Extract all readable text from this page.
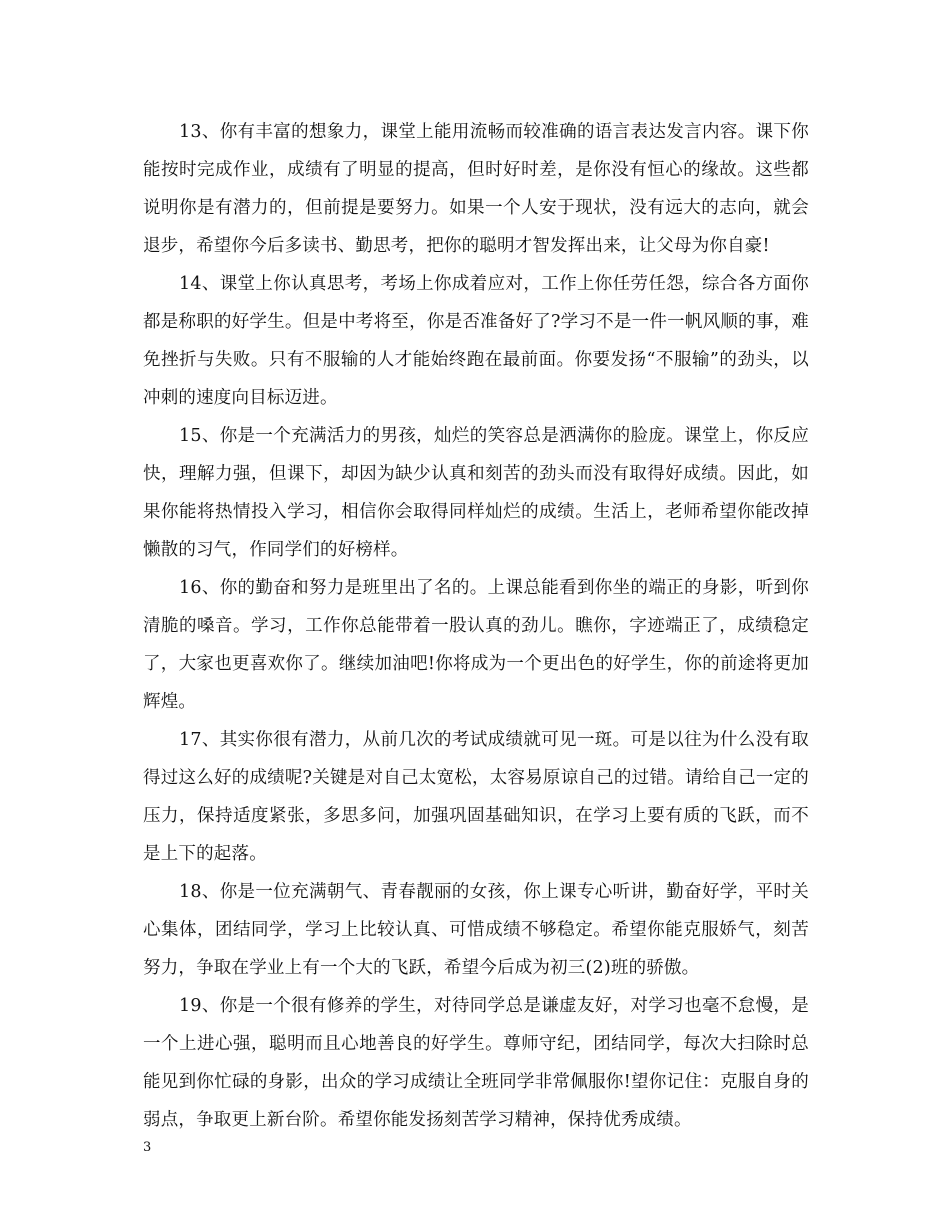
13、你有丰富的想象力，课堂上能用流畅而较准确的语言表达发言内容。课下你能按时完成作业，成绩有了明显的提高，但时好时差，是你没有恒心的缘故。这些都说明你是有潜力的，但前提是要努力。如果一个人安于现状，没有远大的志向，就会退步，希望你今后多读书、勤思考，把你的聪明才智发挥出来，让父母为你自豪!

14、课堂上你认真思考，考场上你成着应对，工作上你任劳任怨，综合各方面你都是称职的好学生。但是中考将至，你是否准备好了?学习不是一件一帆风顺的事，难免挫折与失败。只有不服输的人才能始终跑在最前面。你要发扬“不服输”的劲头，以冲刺的速度向目标迈进。

15、你是一个充满活力的男孩，灿烂的笑容总是洒满你的脸庞。课堂上，你反应快，理解力强，但课下，却因为缺少认真和刻苦的劲头而没有取得好成绩。因此，如果你能将热情投入学习，相信你会取得同样灿烂的成绩。生活上，老师希望你能改掉懒散的习气，作同学们的好榜样。

16、你的勤奋和努力是班里出了名的。上课总能看到你坐的端正的身影，听到你清脆的嗓音。学习，工作你总能带着一股认真的劲儿。瞧你，字迹端正了，成绩稳定了，大家也更喜欢你了。继续加油吧!你将成为一个更出色的好学生，你的前途将更加辉煌。

17、其实你很有潜力，从前几次的考试成绩就可见一斑。可是以往为什么没有取得过这么好的成绩呢?关键是对自己太宽松，太容易原谅自己的过错。请给自己一定的压力，保持适度紧张，多思多问，加强巩固基础知识，在学习上要有质的飞跃，而不是上下的起落。

18、你是一位充满朝气、青春靓丽的女孩，你上课专心听讲，勤奋好学，平时关心集体，团结同学，学习上比较认真、可惜成绩不够稳定。希望你能克服娇气，刻苦努力，争取在学业上有一个大的飞跃，希望今后成为初三(2)班的骄傲。

19、你是一个很有修养的学生，对待同学总是谦虚友好，对学习也毫不怠慢，是一个上进心强，聪明而且心地善良的好学生。尊师守纪，团结同学，每次大扫除时总能见到你忙碌的身影，出众的学习成绩让全班同学非常佩服你!望你记住：克服自身的弱点，争取更上新台阶。希望你能发扬刻苦学习精神，保持优秀成绩。

3
